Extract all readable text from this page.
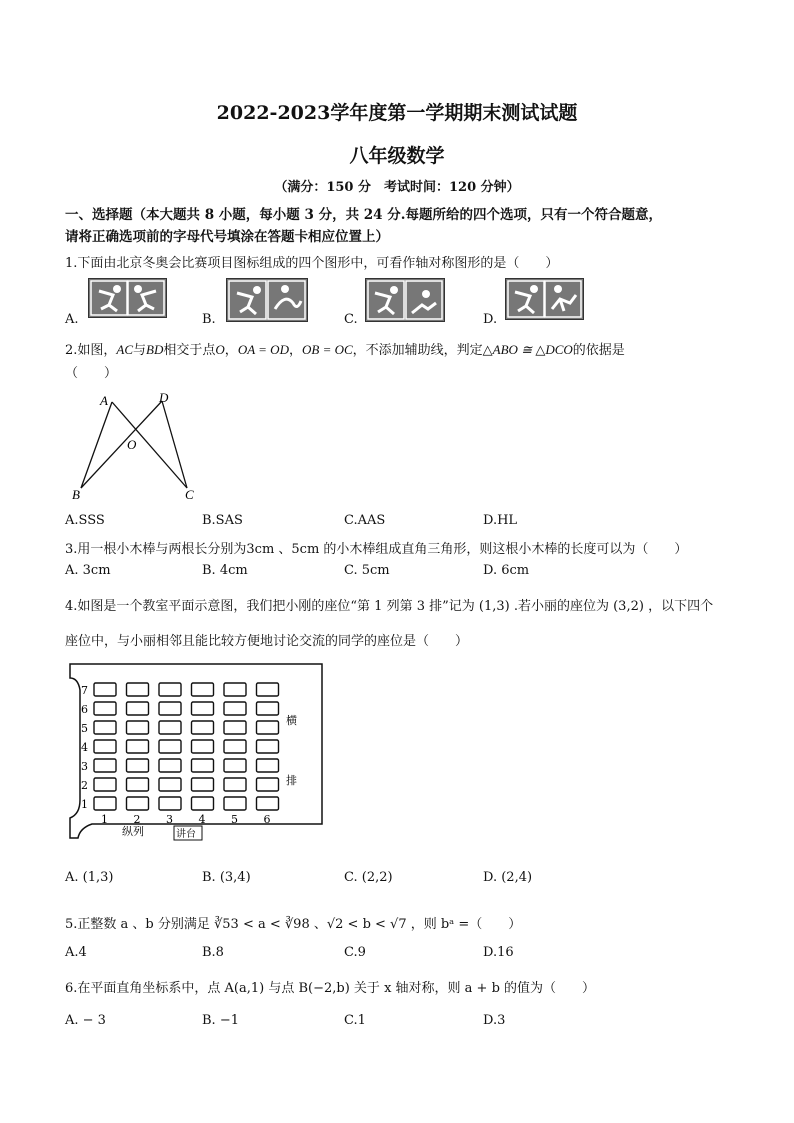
2022-2023学年度第一学期期末测试试题
八年级数学
（满分：150 分　考试时间：120 分钟）
一、选择题（本大题共 8 小题，每小题 3 分，共 24 分.每题所给的四个选项，只有一个符合题意，
请将正确选项前的字母代号填涂在答题卡相应位置上）
1.下面由北京冬奥会比赛项目图标组成的四个图形中，可看作轴对称图形的是（　　）
A.	B.	C.	D.
2.如图，AC与BD相交于点O，OA = OD，OB = OC，不添加辅助线，判定△ABO ≅ △DCO的依据是
（　　）
A	D
O
B	C
A.SSS	B.SAS	C.AAS	D.HL
3.用一根小木棒与两根长分别为3cm 、5cm 的小木棒组成直角三角形，则这根小木棒的长度可以为（　　）
A. 3cm	B. 4cm	C. 5cm	D. 6cm
4.如图是一个教室平面示意图，我们把小刚的座位“第 1 列第 3 排”记为 (1,3) .若小丽的座位为 (3,2) ，以下四个
座位中，与小丽相邻且能比较方便地讨论交流的同学的座位是（　　）
7
6
5
4
3
2
1
1 2 3 4 5 6
纵列	讲台
横
排
A. (1,3)	B. (3,4)	C. (2,2)	D. (2,4)
5.正整数 a 、b 分别满足 ∛53 < a < ∛98 、√2 < b < √7 ，则 bᵃ =（　　）
A.4	B.8	C.9	D.16
6.在平面直角坐标系中，点 A(a,1) 与点 B(−2,b) 关于 x 轴对称，则 a + b 的值为（　　）
A. − 3	B. −1	C.1	D.3
